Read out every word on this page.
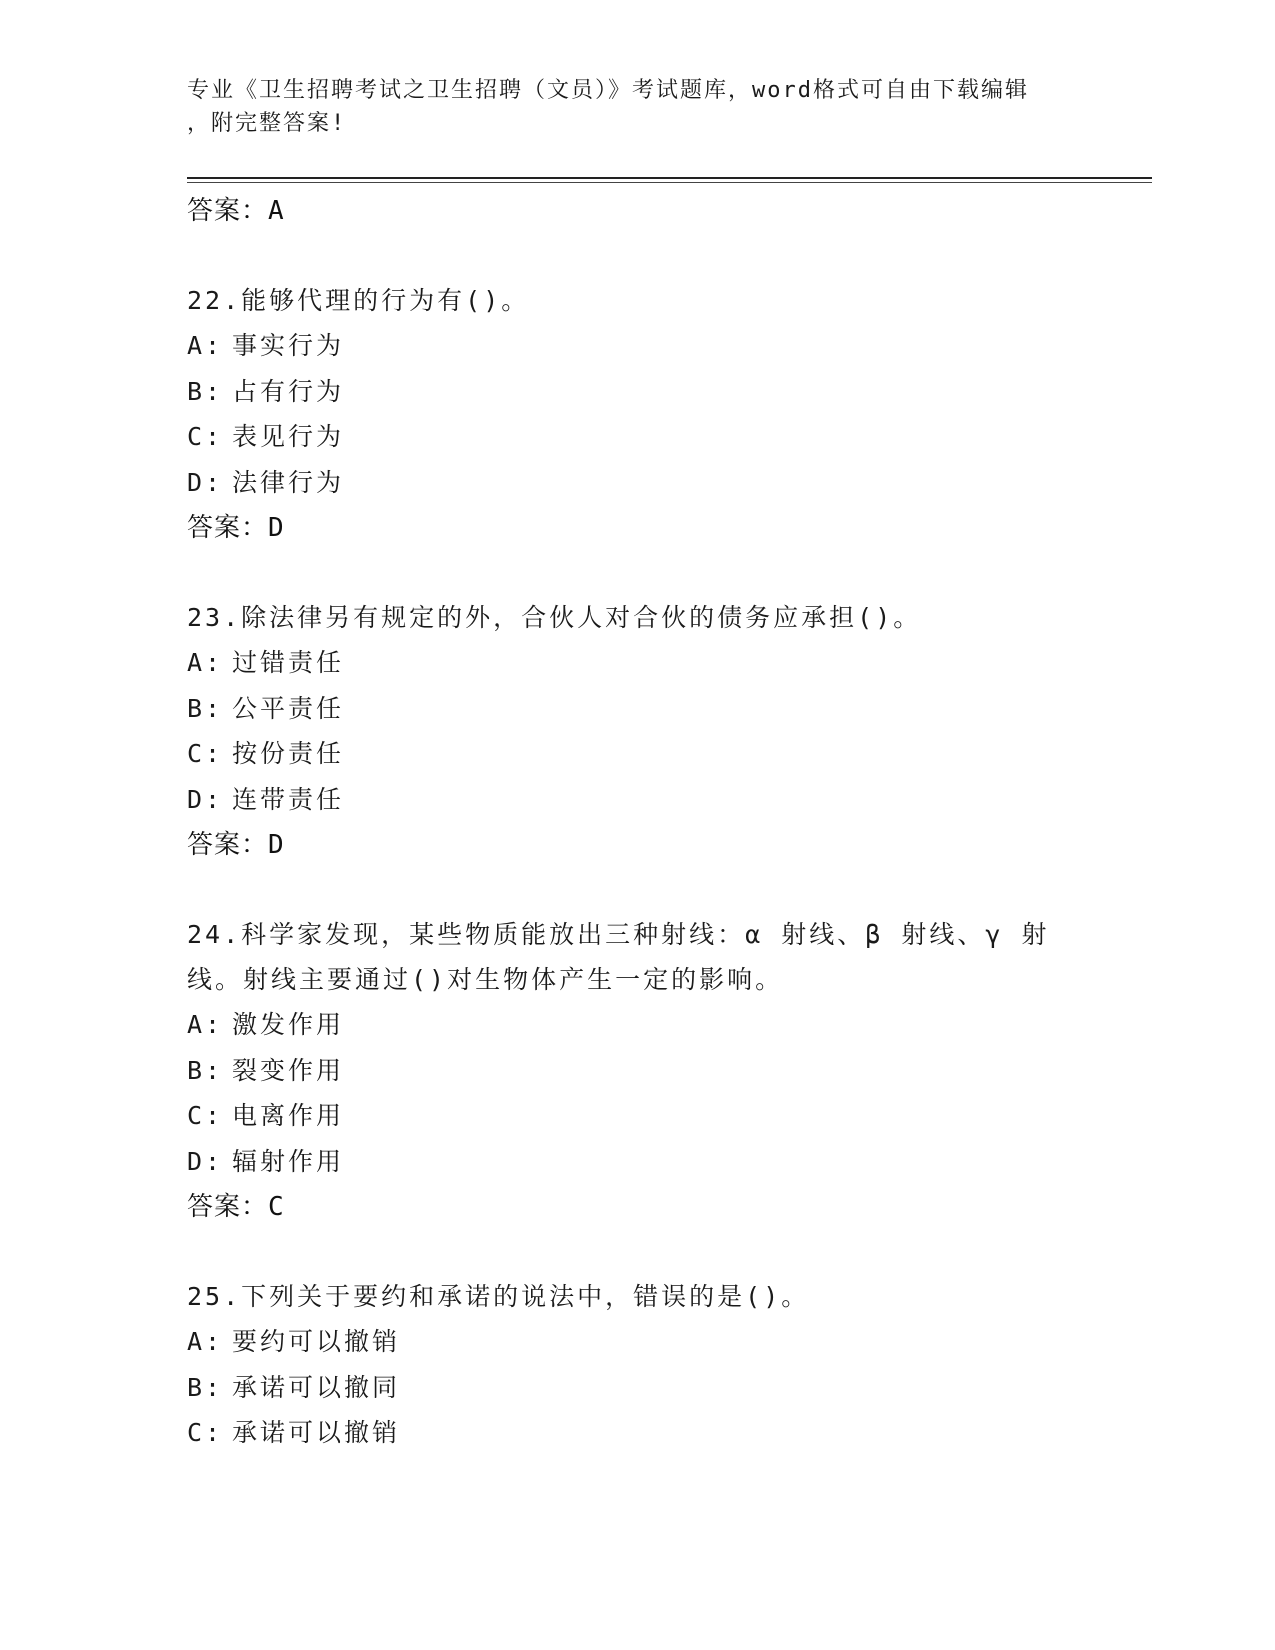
专业《卫生招聘考试之卫生招聘（文员）》考试题库，word格式可自由下载编辑
，附完整答案!
答案：A
22.能够代理的行为有()。
A: 事实行为
B: 占有行为
C: 表见行为
D: 法律行为
答案：D
23.除法律另有规定的外，合伙人对合伙的债务应承担()。
A: 过错责任
B: 公平责任
C: 按份责任
D: 连带责任
答案：D
24.科学家发现，某些物质能放出三种射线：α 射线、β 射线、γ 射
线。射线主要通过()对生物体产生一定的影响。
A: 激发作用
B: 裂变作用
C: 电离作用
D: 辐射作用
答案：C
25.下列关于要约和承诺的说法中，错误的是()。
A: 要约可以撤销
B: 承诺可以撤同
C: 承诺可以撤销
